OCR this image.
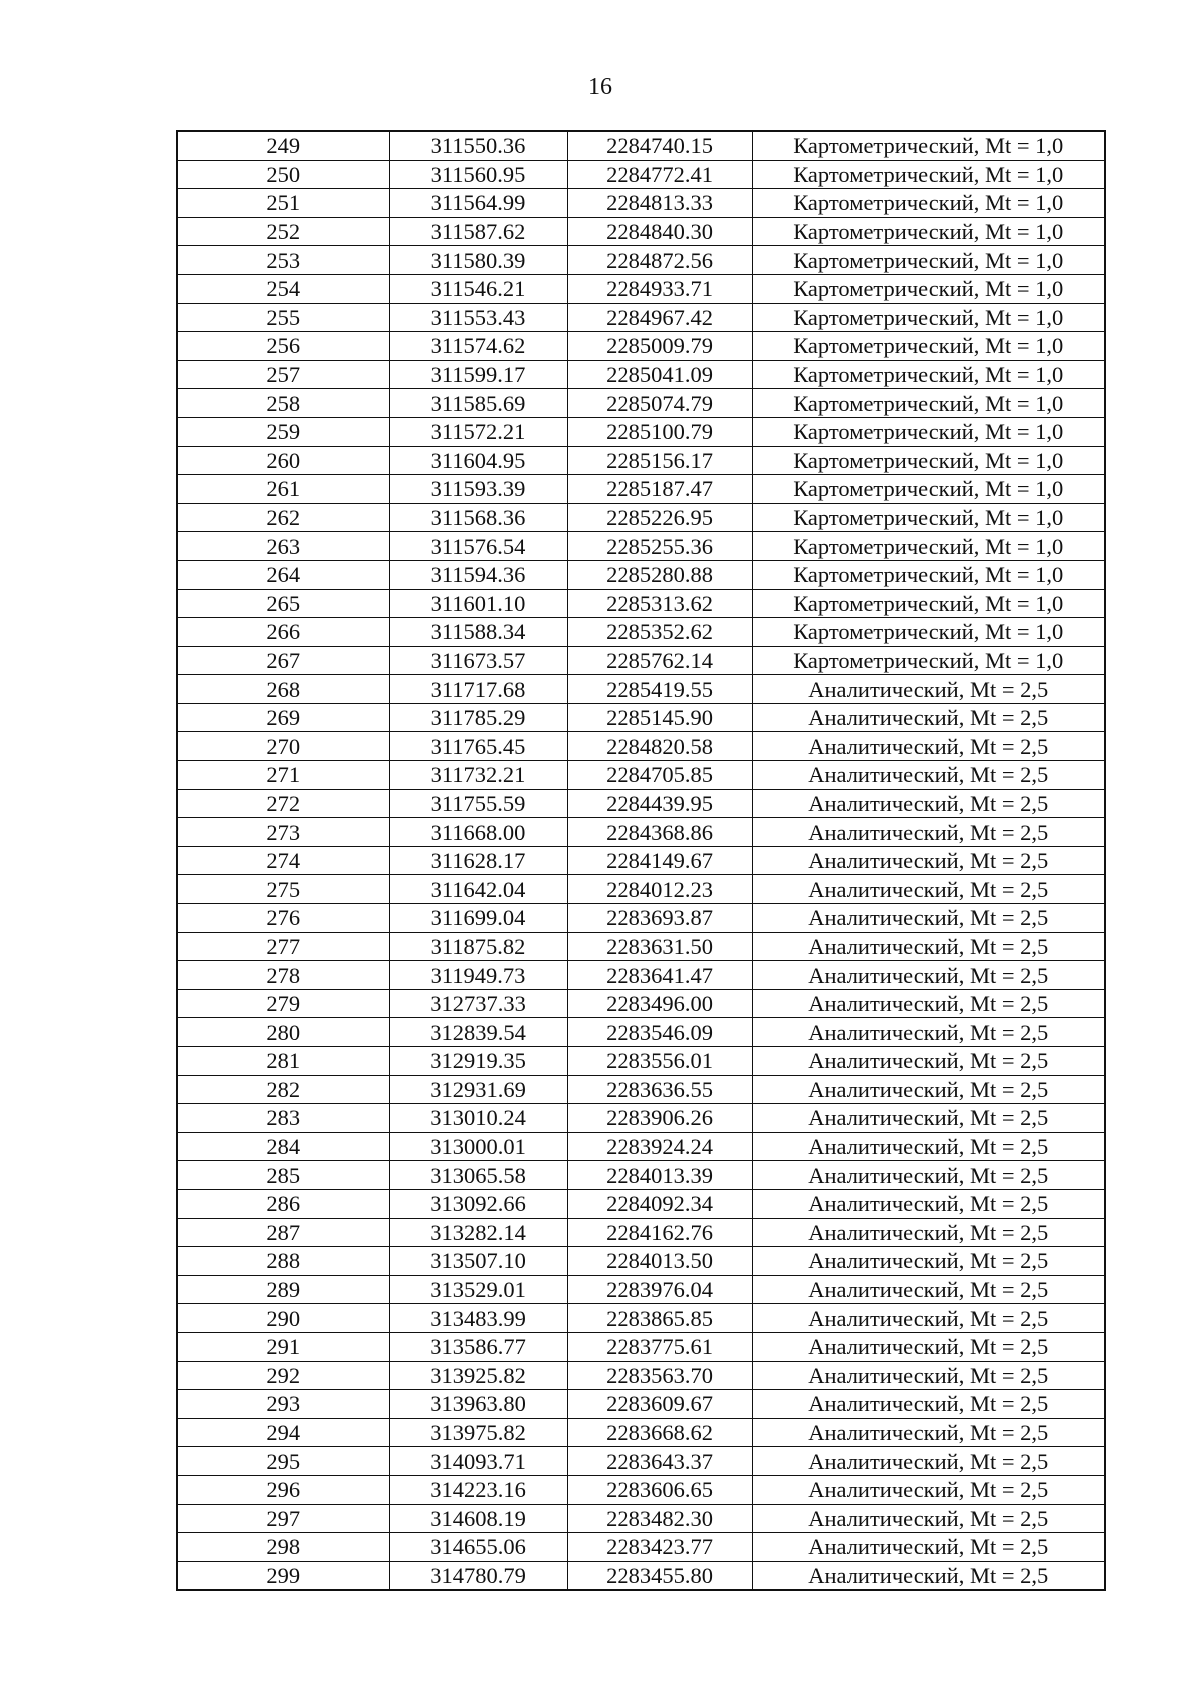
16
249	311550.36	2284740.15	Картометрический, Mt = 1,0
250	311560.95	2284772.41	Картометрический, Mt = 1,0
251	311564.99	2284813.33	Картометрический, Mt = 1,0
252	311587.62	2284840.30	Картометрический, Mt = 1,0
253	311580.39	2284872.56	Картометрический, Mt = 1,0
254	311546.21	2284933.71	Картометрический, Mt = 1,0
255	311553.43	2284967.42	Картометрический, Mt = 1,0
256	311574.62	2285009.79	Картометрический, Mt = 1,0
257	311599.17	2285041.09	Картометрический, Mt = 1,0
258	311585.69	2285074.79	Картометрический, Mt = 1,0
259	311572.21	2285100.79	Картометрический, Mt = 1,0
260	311604.95	2285156.17	Картометрический, Mt = 1,0
261	311593.39	2285187.47	Картометрический, Mt = 1,0
262	311568.36	2285226.95	Картометрический, Mt = 1,0
263	311576.54	2285255.36	Картометрический, Mt = 1,0
264	311594.36	2285280.88	Картометрический, Mt = 1,0
265	311601.10	2285313.62	Картометрический, Mt = 1,0
266	311588.34	2285352.62	Картометрический, Mt = 1,0
267	311673.57	2285762.14	Картометрический, Mt = 1,0
268	311717.68	2285419.55	Аналитический, Mt = 2,5
269	311785.29	2285145.90	Аналитический, Mt = 2,5
270	311765.45	2284820.58	Аналитический, Mt = 2,5
271	311732.21	2284705.85	Аналитический, Mt = 2,5
272	311755.59	2284439.95	Аналитический, Mt = 2,5
273	311668.00	2284368.86	Аналитический, Mt = 2,5
274	311628.17	2284149.67	Аналитический, Mt = 2,5
275	311642.04	2284012.23	Аналитический, Mt = 2,5
276	311699.04	2283693.87	Аналитический, Mt = 2,5
277	311875.82	2283631.50	Аналитический, Mt = 2,5
278	311949.73	2283641.47	Аналитический, Mt = 2,5
279	312737.33	2283496.00	Аналитический, Mt = 2,5
280	312839.54	2283546.09	Аналитический, Mt = 2,5
281	312919.35	2283556.01	Аналитический, Mt = 2,5
282	312931.69	2283636.55	Аналитический, Mt = 2,5
283	313010.24	2283906.26	Аналитический, Mt = 2,5
284	313000.01	2283924.24	Аналитический, Mt = 2,5
285	313065.58	2284013.39	Аналитический, Mt = 2,5
286	313092.66	2284092.34	Аналитический, Mt = 2,5
287	313282.14	2284162.76	Аналитический, Mt = 2,5
288	313507.10	2284013.50	Аналитический, Mt = 2,5
289	313529.01	2283976.04	Аналитический, Mt = 2,5
290	313483.99	2283865.85	Аналитический, Mt = 2,5
291	313586.77	2283775.61	Аналитический, Mt = 2,5
292	313925.82	2283563.70	Аналитический, Mt = 2,5
293	313963.80	2283609.67	Аналитический, Mt = 2,5
294	313975.82	2283668.62	Аналитический, Mt = 2,5
295	314093.71	2283643.37	Аналитический, Mt = 2,5
296	314223.16	2283606.65	Аналитический, Mt = 2,5
297	314608.19	2283482.30	Аналитический, Mt = 2,5
298	314655.06	2283423.77	Аналитический, Mt = 2,5
299	314780.79	2283455.80	Аналитический, Mt = 2,5
